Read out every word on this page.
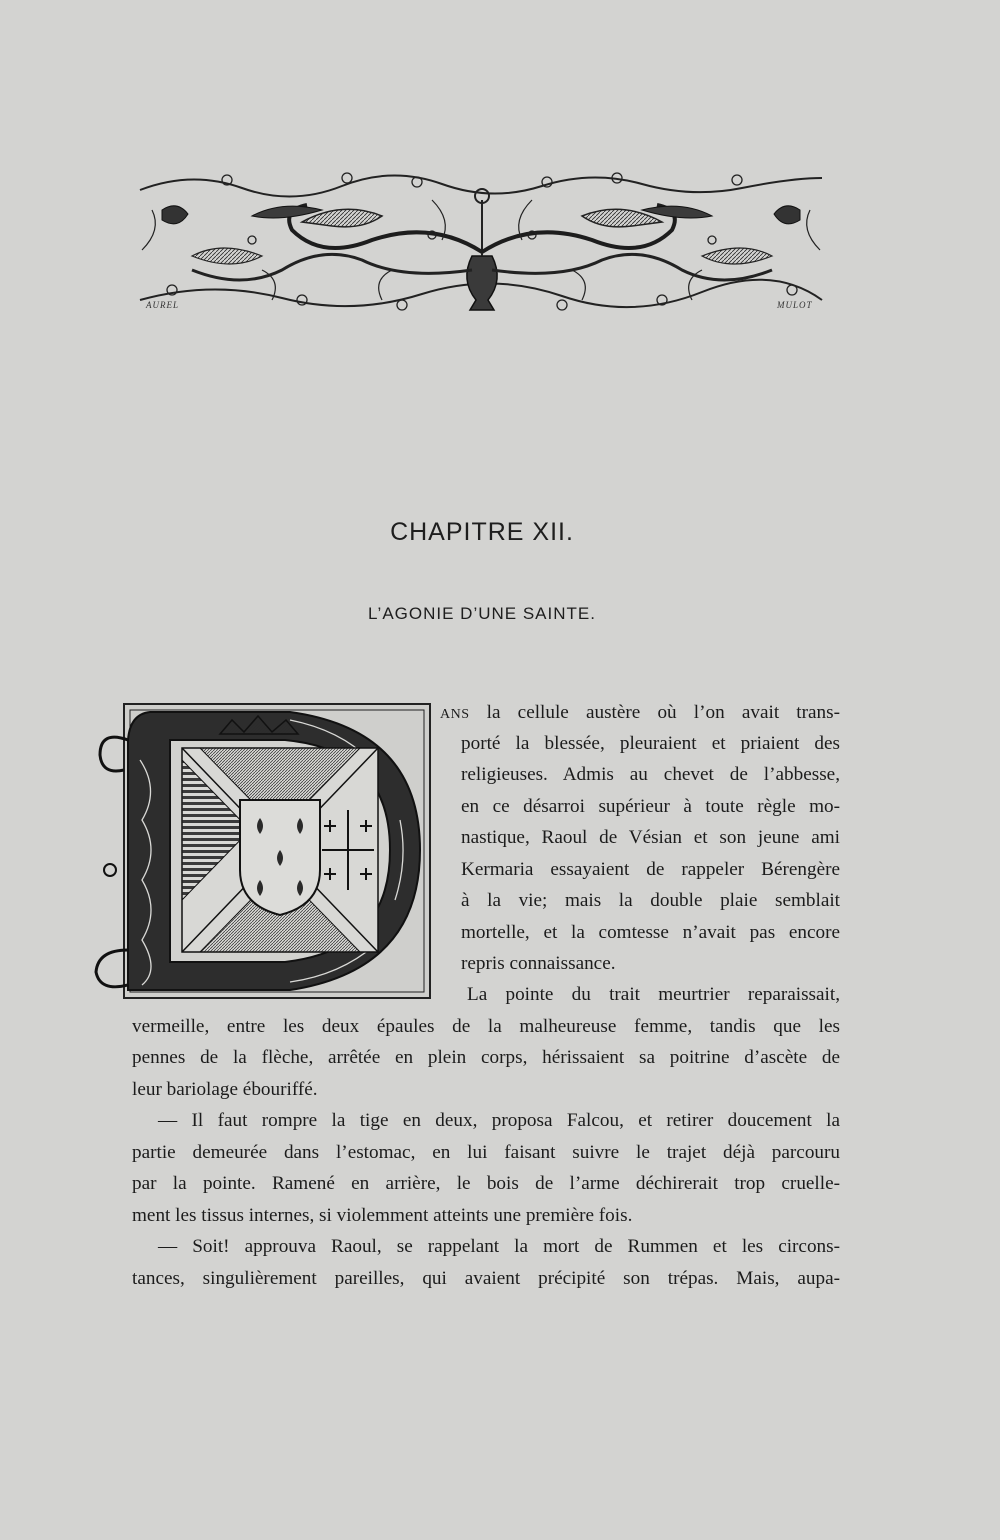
AUREL	MULOT
CHAPITRE XII.
L’AGONIE D’UNE SAINTE.
ANS la cellule austère où l’on avait trans-
porté la blessée, pleuraient et priaient des
religieuses. Admis au chevet de l’abbesse,
en ce désarroi supérieur à toute règle mo-
nastique, Raoul de Vésian et son jeune ami
Kermaria essayaient de rappeler Bérengère
à la vie; mais la double plaie semblait
mortelle, et la comtesse n’avait pas encore
repris connaissance.
La pointe du trait meurtrier reparaissait,
vermeille, entre les deux épaules de la malheureuse femme, tandis que les
pennes de la flèche, arrêtée en plein corps, hérissaient sa poitrine d’ascète de
leur bariolage ébouriffé.
— Il faut rompre la tige en deux, proposa Falcou, et retirer doucement la
partie demeurée dans l’estomac, en lui faisant suivre le trajet déjà parcouru
par la pointe. Ramené en arrière, le bois de l’arme déchirerait trop cruelle-
ment les tissus internes, si violemment atteints une première fois.
— Soit! approuva Raoul, se rappelant la mort de Rummen et les circons-
tances, singulièrement pareilles, qui avaient précipité son trépas. Mais, aupa-
